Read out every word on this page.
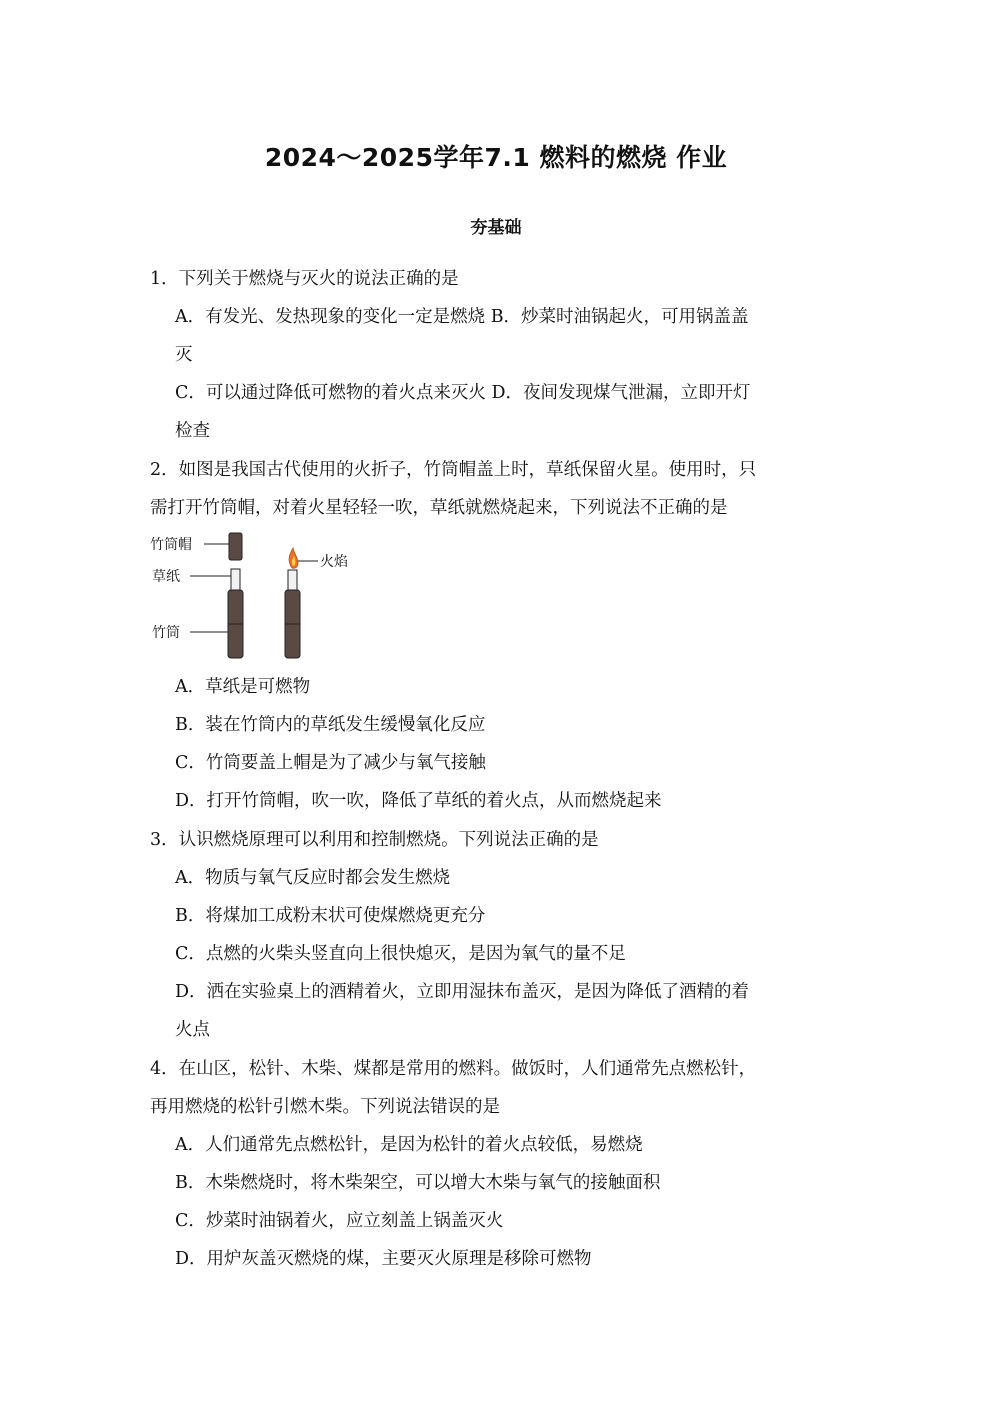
2024～2025学年7.1 燃料的燃烧 作业
夯基础
1．下列关于燃烧与灭火的说法正确的是
A．有发光、发热现象的变化一定是燃烧 B．炒菜时油锅起火，可用锅盖盖
灭
C．可以通过降低可燃物的着火点来灭火 D．夜间发现煤气泄漏，立即开灯
检查
2．如图是我国古代使用的火折子，竹筒帽盖上时，草纸保留火星。使用时，只
需打开竹筒帽，对着火星轻轻一吹，草纸就燃烧起来，下列说法不正确的是
竹筒帽
草纸
竹筒
火焰
A．草纸是可燃物
B．装在竹筒内的草纸发生缓慢氧化反应
C．竹筒要盖上帽是为了减少与氧气接触
D．打开竹筒帽，吹一吹，降低了草纸的着火点，从而燃烧起来
3．认识燃烧原理可以利用和控制燃烧。下列说法正确的是
A．物质与氧气反应时都会发生燃烧
B．将煤加工成粉末状可使煤燃烧更充分
C．点燃的火柴头竖直向上很快熄灭，是因为氧气的量不足
D．洒在实验桌上的酒精着火，立即用湿抹布盖灭，是因为降低了酒精的着
火点
4．在山区，松针、木柴、煤都是常用的燃料。做饭时，人们通常先点燃松针，
再用燃烧的松针引燃木柴。下列说法错误的是
A．人们通常先点燃松针，是因为松针的着火点较低，易燃烧
B．木柴燃烧时，将木柴架空，可以增大木柴与氧气的接触面积
C．炒菜时油锅着火，应立刻盖上锅盖灭火
D．用炉灰盖灭燃烧的煤，主要灭火原理是移除可燃物
